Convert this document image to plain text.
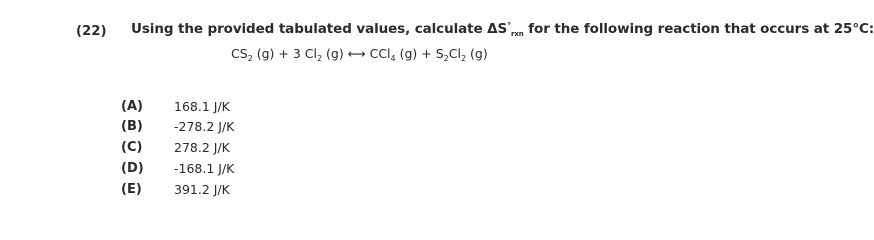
(22) Using the provided tabulated values, calculate $\Delta S^\circ_{rxn}$ for the following reaction that occurs at 25°C:
$CS_2$ (g) + 3 $Cl_2$ (g) ⟷ CCl$_4$ $(g) + S_2Cl_2$ (g)
(A) 168.1 J/K
(B) -278.2 J/K
(C)	278.2 J/K
(D) -168.1 J/K
(E)	391.2 J/K
